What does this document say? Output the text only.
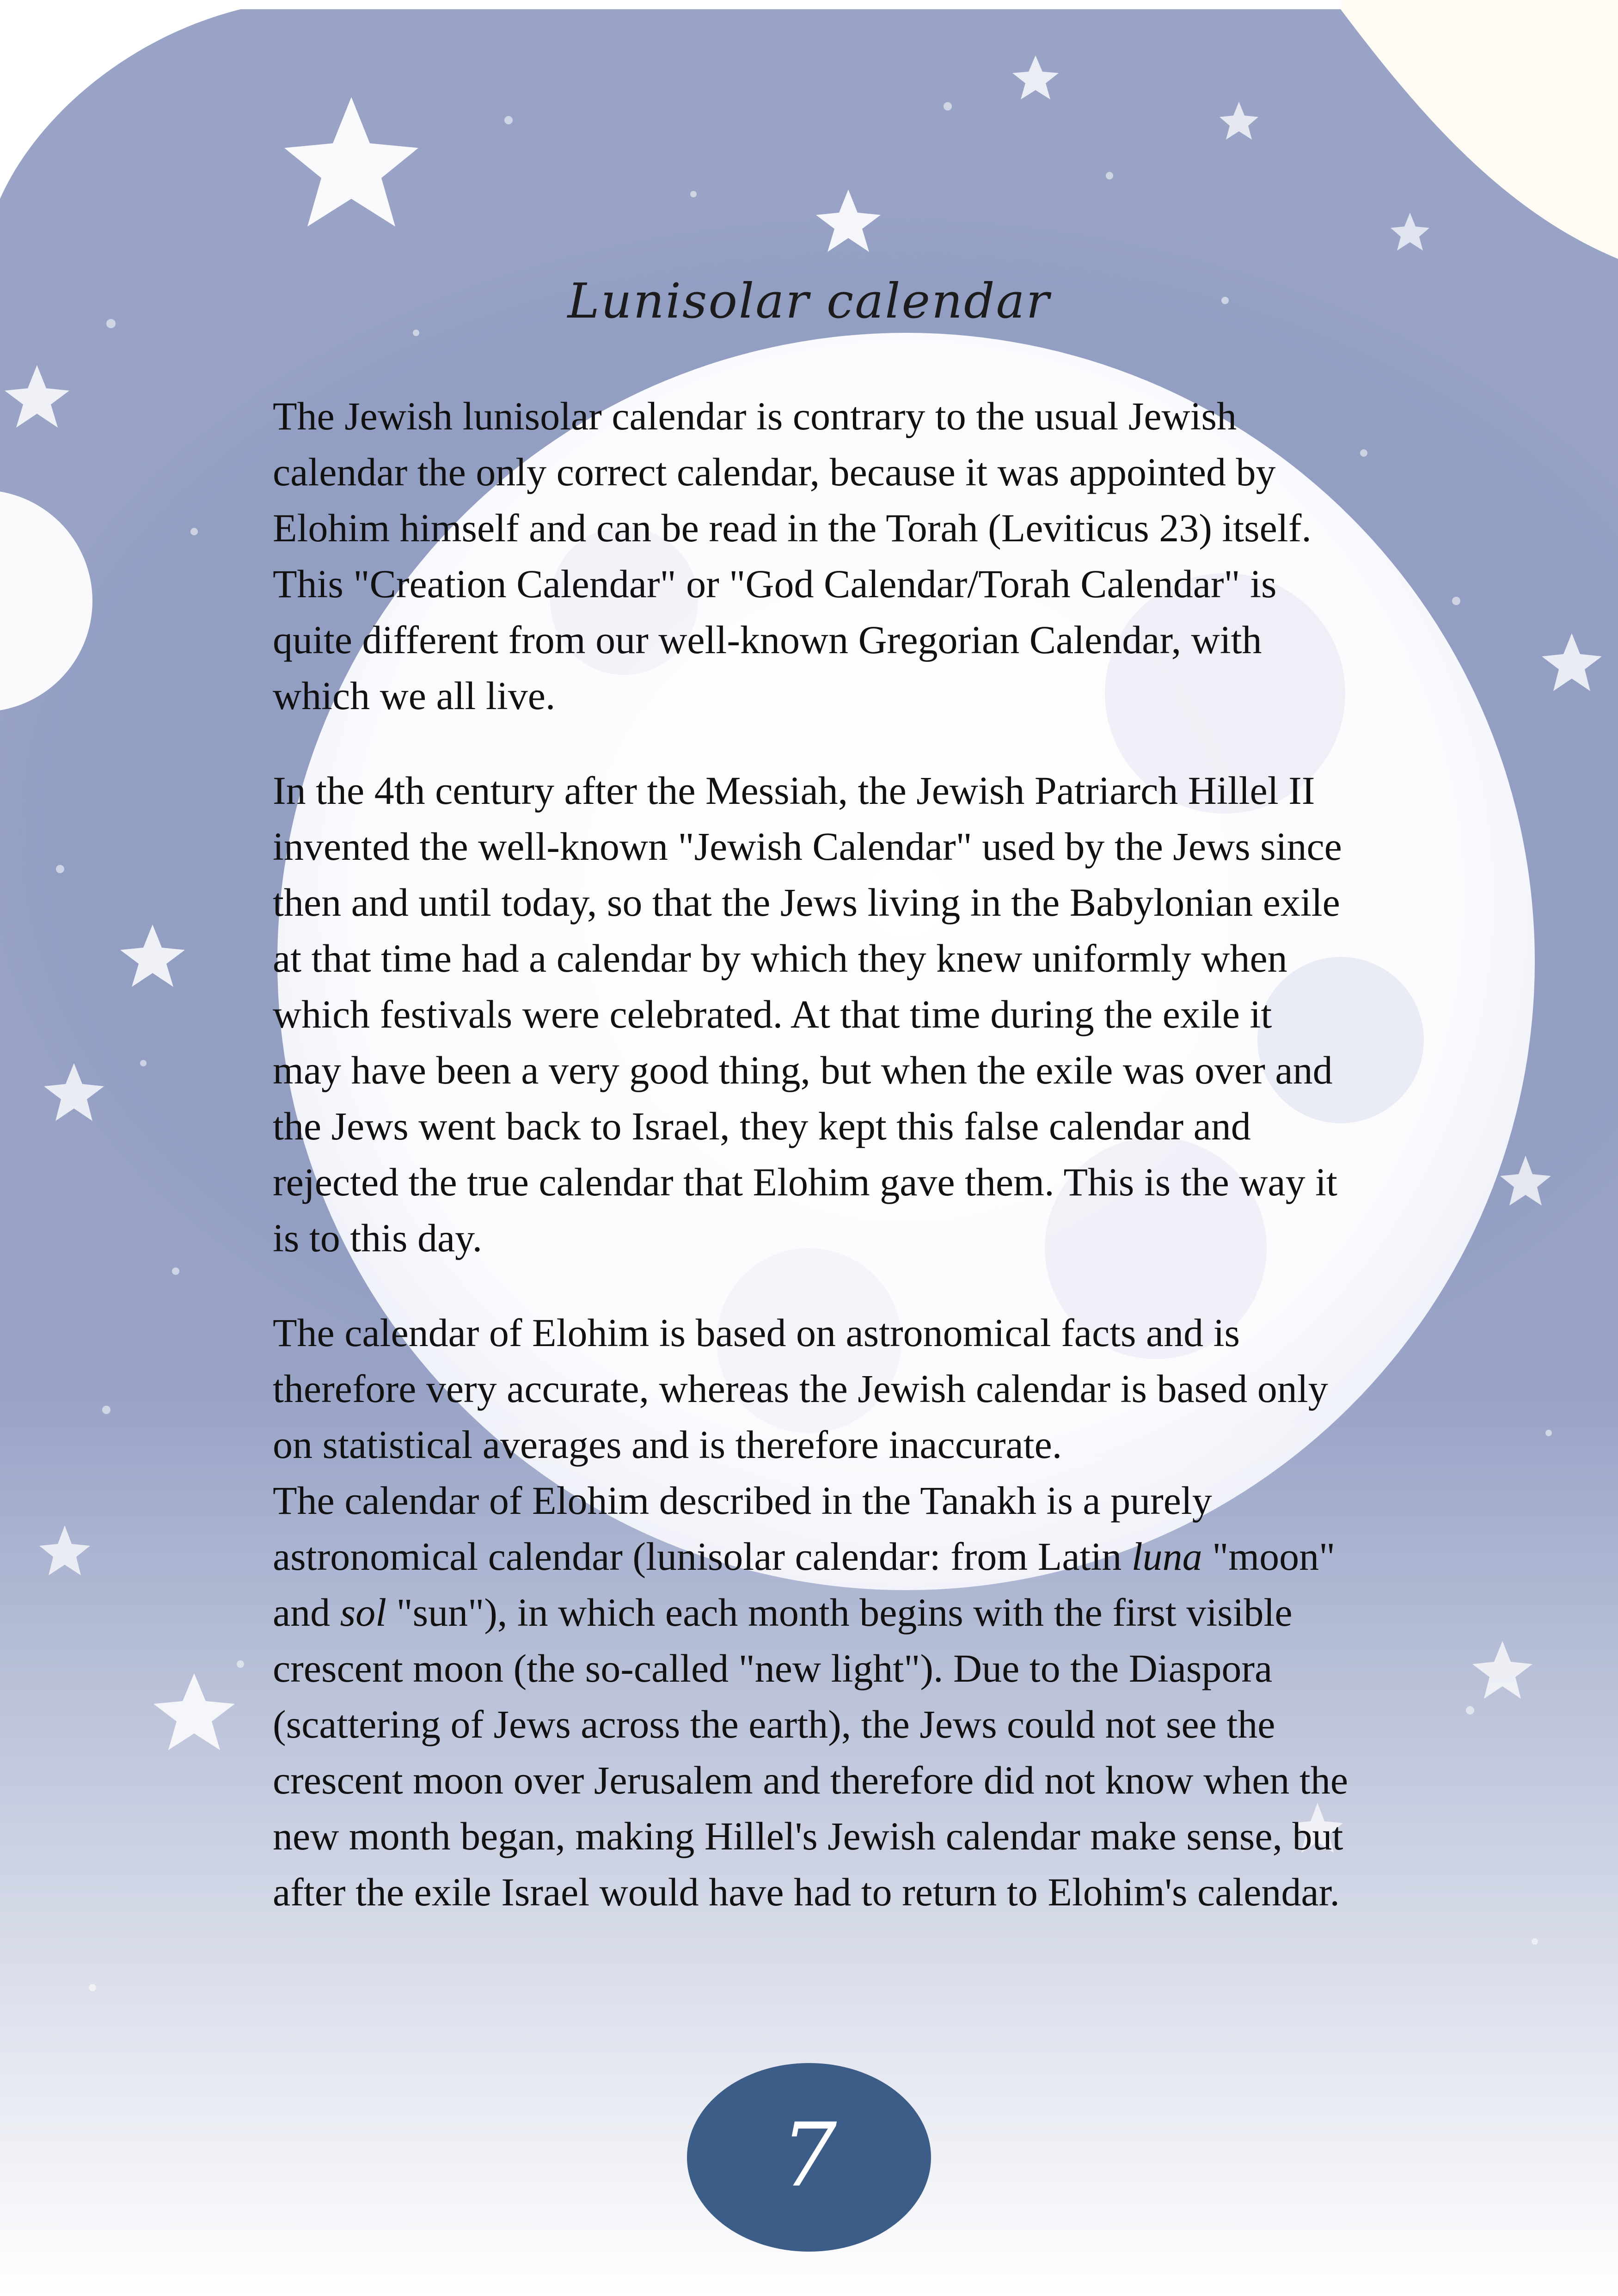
Lunisolar calendar

The Jewish lunisolar calendar is contrary to the usual Jewish calendar the only correct calendar, because it was appointed by Elohim himself and can be read in the Torah (Leviticus 23) itself. This "Creation Calendar" or "God Calendar/Torah Calendar" is quite different from our well-known Gregorian Calendar, with which we all live.

In the 4th century after the Messiah, the Jewish Patriarch Hillel II invented the well-known "Jewish Calendar" used by the Jews since then and until today, so that the Jews living in the Babylonian exile at that time had a calendar by which they knew uniformly when which festivals were celebrated. At that time during the exile it may have been a very good thing, but when the exile was over and the Jews went back to Israel, they kept this false calendar and rejected the true calendar that Elohim gave them. This is the way it is to this day.

The calendar of Elohim is based on astronomical facts and is therefore very accurate, whereas the Jewish calendar is based only on statistical averages and is therefore inaccurate.

The calendar of Elohim described in the Tanakh is a purely astronomical calendar (lunisolar calendar: from Latin luna "moon" and sol "sun"), in which each month begins with the first visible crescent moon (the so-called "new light"). Due to the Diaspora (scattering of Jews across the earth), the Jews could not see the crescent moon over Jerusalem and therefore did not know when the new month began, making Hillel's Jewish calendar make sense, but after the exile Israel would have had to return to Elohim's calendar.

7
